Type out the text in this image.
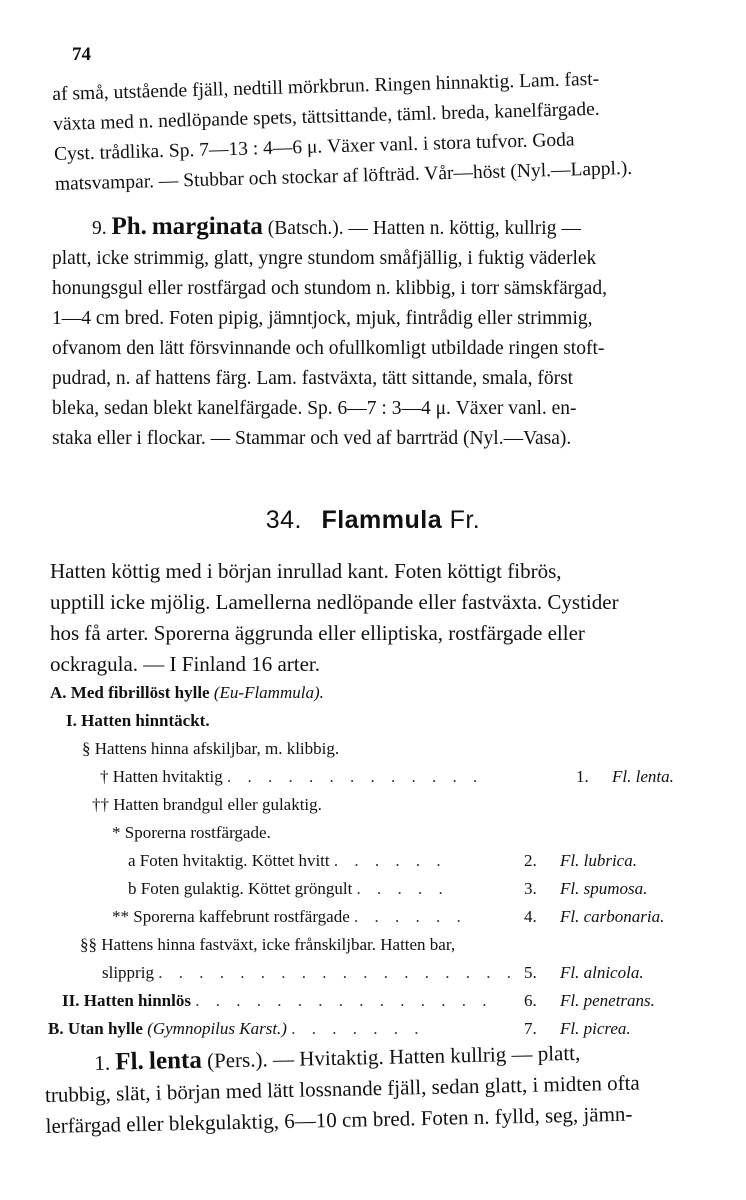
74
af små, utstående fjäll, nedtill mörkbrun. Ringen hinnaktig. Lam. fast-
växta med n. nedlöpande spets, tättsittande, täml. breda, kanelfärgade.
Cyst. trådlika. Sp. 7—13 : 4—6 μ. Växer vanl. i stora tufvor. Goda
matsvampar. — Stubbar och stockar af löfträd. Vår—höst (Nyl.—Lappl.).
9. Ph. marginata (Batsch.). — Hatten n. köttig, kullrig —
platt, icke strimmig, glatt, yngre stundom småfjällig, i fuktig väderlek
honungsgul eller rostfärgad och stundom n. klibbig, i torr sämskfärgad,
1—4 cm bred. Foten pipig, jämntjock, mjuk, fintrådig eller strimmig,
ofvanom den lätt försvinnande och ofullkomligt utbildade ringen stoft-
pudrad, n. af hattens färg. Lam. fastväxta, tätt sittande, smala, först
bleka, sedan blekt kanelfärgade. Sp. 6—7 : 3—4 μ. Växer vanl. en-
staka eller i flockar. — Stammar och ved af barrträd (Nyl.—Vasa).
34. Flammula Fr.
Hatten köttig med i början inrullad kant. Foten köttigt fibrös,
upptill icke mjölig. Lamellerna nedlöpande eller fastväxta. Cystider
hos få arter. Sporerna äggrunda eller elliptiska, rostfärgade eller
ockragula. — I Finland 16 arter.
A. Med fibrillöst hylle (Eu-Flammula).
I. Hatten hinntäckt.
§ Hattens hinna afskiljbar, m. klibbig.
† Hatten hvitaktig . . . . . . . . . . . . .	1. Fl. lenta.
†† Hatten brandgul eller gulaktig.
* Sporerna rostfärgade.
a Foten hvitaktig. Köttet hvitt . . . . . .	2. Fl. lubrica.
b Foten gulaktig. Köttet gröngult . . . . .	3. Fl. spumosa.
** Sporerna kaffebrunt rostfärgade . . . . . .	4. Fl. carbonaria.
§§ Hattens hinna fastväxt, icke frånskiljbar. Hatten bar,
slipprig . . . . . . . . . . . . . . . . . . 5. Fl. alnicola.
II. Hatten hinnlös . . . . . . . . . . . . . . . 6. Fl. penetrans.
B. Utan hylle (Gymnopilus Karst.) . . . . . . .	7. Fl. picrea.
1. Fl. lenta (Pers.). — Hvitaktig. Hatten kullrig — platt,
trubbig, slät, i början med lätt lossnande fjäll, sedan glatt, i midten ofta
lerfärgad eller blekgulaktig, 6—10 cm bred. Foten n. fylld, seg, jämn-
